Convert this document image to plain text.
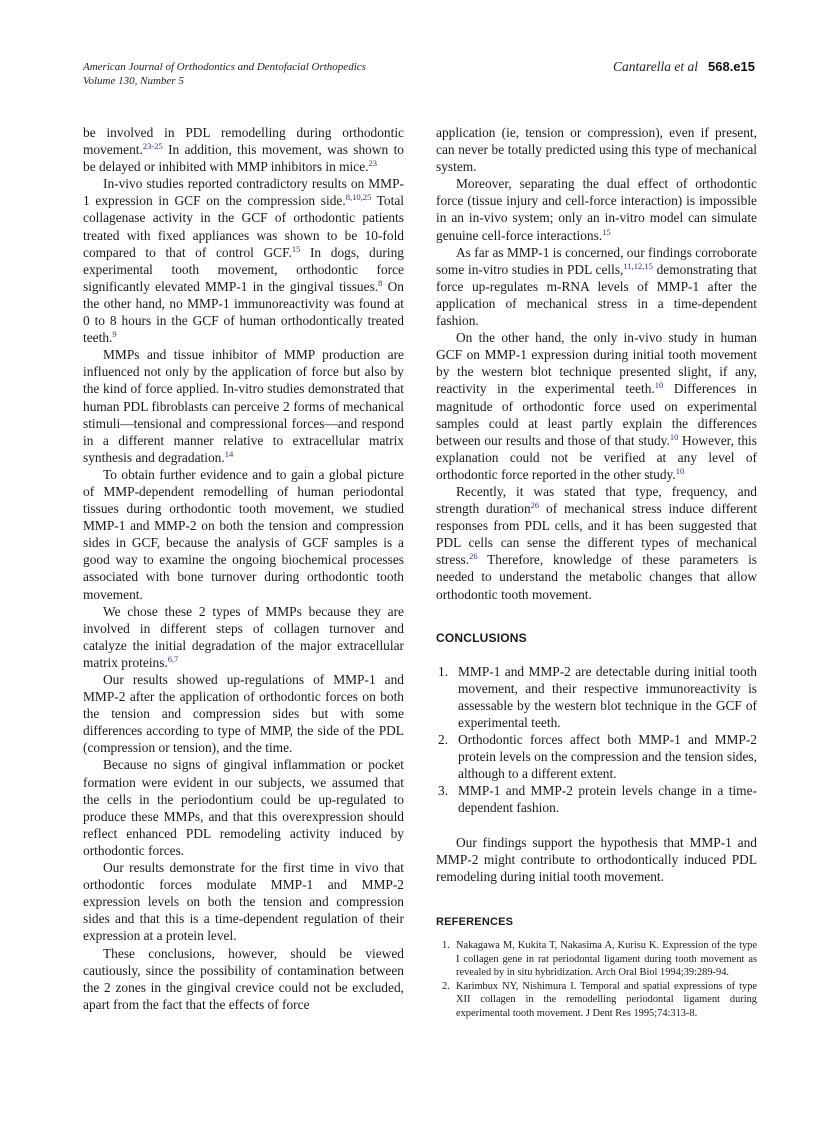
American Journal of Orthodontics and Dentofacial Orthopedics
Volume 130, Number 5
Cantarella et al 568.e15

be involved in PDL remodelling during orthodontic movement.$^{23-25}$ In addition, this movement, was shown to be delayed or inhibited with MMP inhibitors in mice.$^{23}$

In-vivo studies reported contradictory results on MMP-1 expression in GCF on the compression side.$^{8,10,25}$ Total collagenase activity in the GCF of orthodontic patients treated with fixed appliances was shown to be 10-fold compared to that of control GCF.$^{15}$ In dogs, during experimental tooth movement, orthodontic force significantly elevated MMP-1 in the gingival tissues.$^8$ On the other hand, no MMP-1 immunoreactivity was found at 0 to 8 hours in the GCF of human orthodontically treated teeth.$^9$

MMPs and tissue inhibitor of MMP production are influenced not only by the application of force but also by the kind of force applied. In-vitro studies demonstrated that human PDL fibroblasts can perceive 2 forms of mechanical stimuli—tensional and compressional forces—and respond in a different manner relative to extracellular matrix synthesis and degradation.$^{14}$

To obtain further evidence and to gain a global picture of MMP-dependent remodelling of human periodontal tissues during orthodontic tooth movement, we studied MMP-1 and MMP-2 on both the tension and compression sides in GCF, because the analysis of GCF samples is a good way to examine the ongoing biochemical processes associated with bone turnover during orthodontic tooth movement.

We chose these 2 types of MMPs because they are involved in different steps of collagen turnover and catalyze the initial degradation of the major extracellular matrix proteins.$^{6,7}$

Our results showed up-regulations of MMP-1 and MMP-2 after the application of orthodontic forces on both the tension and compression sides but with some differences according to type of MMP, the side of the PDL (compression or tension), and the time.

Because no signs of gingival inflammation or pocket formation were evident in our subjects, we assumed that the cells in the periodontium could be up-regulated to produce these MMPs, and that this overexpression should reflect enhanced PDL remodeling activity induced by orthodontic forces.

Our results demonstrate for the first time in vivo that orthodontic forces modulate MMP-1 and MMP-2 expression levels on both the tension and compression sides and that this is a time-dependent regulation of their expression at a protein level.

These conclusions, however, should be viewed cautiously, since the possibility of contamination between the 2 zones in the gingival crevice could not be excluded, apart from the fact that the effects of force

application (ie, tension or compression), even if present, can never be totally predicted using this type of mechanical system.

Moreover, separating the dual effect of orthodontic force (tissue injury and cell-force interaction) is impossible in an in-vivo system; only an in-vitro model can simulate genuine cell-force interactions.$^{15}$

As far as MMP-1 is concerned, our findings corroborate some in-vitro studies in PDL cells,$^{11,12,15}$ demonstrating that force up-regulates m-RNA levels of MMP-1 after the application of mechanical stress in a time-dependent fashion.

On the other hand, the only in-vivo study in human GCF on MMP-1 expression during initial tooth movement by the western blot technique presented slight, if any, reactivity in the experimental teeth.$^{10}$ Differences in magnitude of orthodontic force used on experimental samples could at least partly explain the differences between our results and those of that study.$^{10}$ However, this explanation could not be verified at any level of orthodontic force reported in the other study.$^{10}$

Recently, it was stated that type, frequency, and strength duration$^{26}$ of mechanical stress induce different responses from PDL cells, and it has been suggested that PDL cells can sense the different types of mechanical stress.$^{26}$ Therefore, knowledge of these parameters is needed to understand the metabolic changes that allow orthodontic tooth movement.

CONCLUSIONS
1. MMP-1 and MMP-2 are detectable during initial tooth movement, and their respective immunoreactivity is assessable by the western blot technique in the GCF of experimental teeth.
2. Orthodontic forces affect both MMP-1 and MMP-2 protein levels on the compression and the tension sides, although to a different extent.
3. MMP-1 and MMP-2 protein levels change in a time-dependent fashion.

Our findings support the hypothesis that MMP-1 and MMP-2 might contribute to orthodontically induced PDL remodeling during initial tooth movement.

REFERENCES
1. Nakagawa M, Kukita T, Nakasima A, Kurisu K. Expression of the type I collagen gene in rat periodontal ligament during tooth movement as revealed by in situ hybridization. Arch Oral Biol 1994;39:289-94.
2. Karimbux NY, Nishimura I. Temporal and spatial expressions of type XII collagen in the remodelling periodontal ligament during experimental tooth movement. J Dent Res 1995;74:313-8.
